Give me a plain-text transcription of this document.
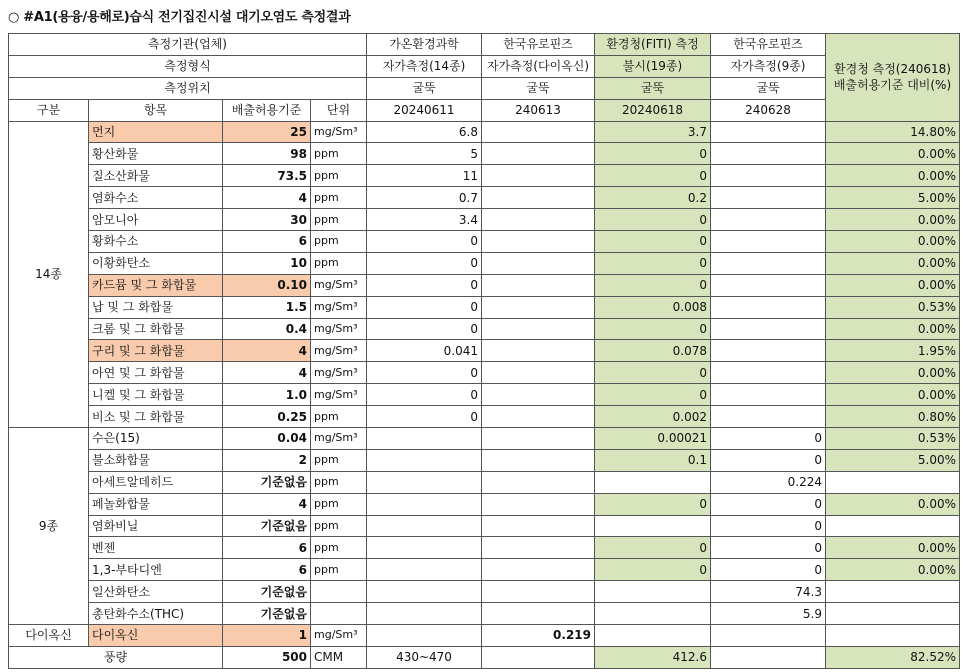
○ #A1(용융/용해로)습식 전기집진시설 대기오염도 측정결과
측정기관(업체)				가온환경과학	한국유로핀즈	환경청(FITI) 측정	한국유로핀즈	환경청 측정(240618)
배출허용기준 대비(%)

측정형식				자가측정(14종)	자가측정(다이옥신)	불시(19종)	자가측정(9종)	
측정위치				굴뚝	굴뚝	굴뚝	굴뚝	
구분	항목	배출허용기준	단위	20240611	240613	20240618	240628	
14종	먼지	25	mg/Sm³	6.8		3.7		14.80%
	황산화물	98	ppm	5		0		0.00%
	질소산화물	73.5	ppm	11		0		0.00%
	염화수소	4	ppm	0.7		0.2		5.00%
	암모니아	30	ppm	3.4		0		0.00%
	황화수소	6	ppm	0		0		0.00%
	이황화탄소	10	ppm	0		0		0.00%
	카드뮴 및 그 화합물	0.10	mg/Sm³	0		0		0.00%
	납 및 그 화합물	1.5	mg/Sm³	0		0.008		0.53%
	크롬 및 그 화합물	0.4	mg/Sm³	0		0		0.00%
	구리 및 그 화합물	4	mg/Sm³	0.041		0.078		1.95%
	아연 및 그 화합물	4	mg/Sm³	0		0		0.00%
	니켈 및 그 화합물	1.0	mg/Sm³	0		0		0.00%
	비소 및 그 화합물	0.25	ppm	0		0.002		0.80%
9종	수은(15)	0.04	mg/Sm³			0.00021	0	0.53%
	불소화합물	2	ppm			0.1	0	5.00%
	아세트알데히드	기준없음	ppm				0.224	
	페놀화합물	4	ppm			0	0	0.00%
	염화비닐	기준없음	ppm				0	
	벤젠	6	ppm			0	0	0.00%
	1,3-부타디엔	6	ppm			0	0	0.00%
	일산화탄소	기준없음					74.3	
	총탄화수소(THC)	기준없음					5.9	
다이옥신	다이옥신	1	mg/Sm³		0.219			
풍량		500	CMM	430~470		412.6		82.52%
